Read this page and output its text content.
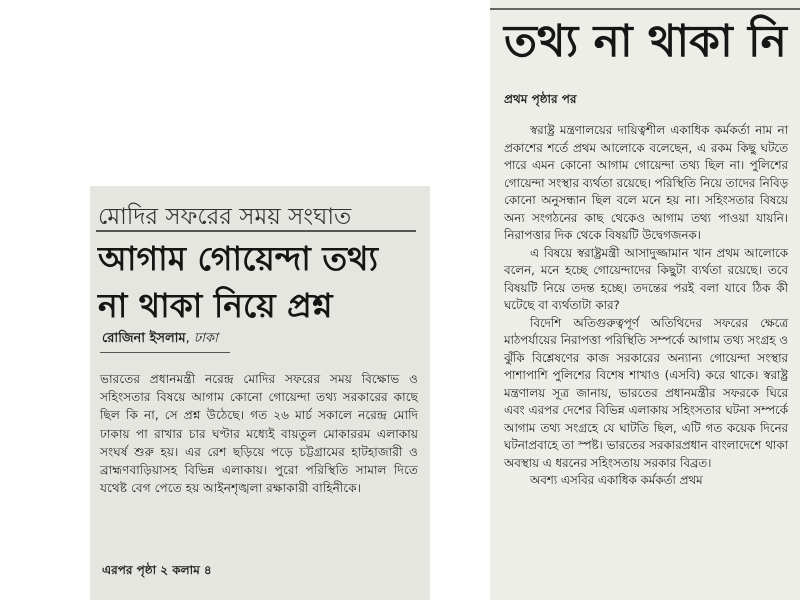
মোদির সফরের সময় সংঘাত
আগাম গোয়েন্দা তথ্য
না থাকা নিয়ে প্রশ্ন
রোজিনা ইসলাম, ঢাকা
ভারতের প্রধানমন্ত্রী নরেন্দ্র মোদির সফরের সময় বিক্ষোভ ও সহিংসতার বিষয়ে আগাম কোনো গোয়েন্দা তথ্য সরকারের কাছে ছিল কি না, সে প্রশ্ন উঠেছে। গত ২৬ মার্চ সকালে নরেন্দ্র মোদি ঢাকায় পা রাখার চার ঘণ্টার মধ্যেই বায়তুল মোকাররম এলাকায় সংঘর্ষ শুরু হয়। এর রেশ ছড়িয়ে পড়ে চট্টগ্রামের হাটহাজারী ও ব্রাহ্মণবাড়িয়াসহ বিভিন্ন এলাকায়। পুরো পরিস্থিতি সামাল দিতে যথেষ্ট বেগ পেতে হয় আইনশৃঙ্খলা রক্ষাকারী বাহিনীকে।
এরপর পৃষ্ঠা ২ কলাম ৪
তথ্য না থাকা নি
প্রথম পৃষ্ঠার পর

স্বরাষ্ট্র মন্ত্রণালয়ের দায়িত্বশীল একাধিক কর্মকর্তা নাম না প্রকাশের শর্তে প্রথম আলোকে বলেছেন, এ রকম কিছু ঘটতে পারে এমন কোনো আগাম গোয়েন্দা তথ্য ছিল না। পুলিশের গোয়েন্দা সংস্থার ব্যর্থতা রয়েছে। পরিস্থিতি নিয়ে তাদের নিবিড় কোনো অনুসন্ধান ছিল বলে মনে হয় না। সহিংসতার বিষয়ে অন্য সংগঠনের কাছ থেকেও আগাম তথ্য পাওয়া যায়নি। নিরাপত্তার দিক থেকে বিষয়টি উদ্বেগজনক।

এ বিষয়ে স্বরাষ্ট্রমন্ত্রী আসাদুজ্জামান খান প্রথম আলোকে বলেন, মনে হচ্ছে গোয়েন্দাদের কিছুটা ব্যর্থতা রয়েছে। তবে বিষয়টি নিয়ে তদন্ত হচ্ছে। তদন্তের পরই বলা যাবে ঠিক কী ঘটেছে বা ব্যর্থতাটা কার?

বিদেশি অতিগুরুত্বপূর্ণ অতিথিদের সফরের ক্ষেত্রে মাঠপর্যায়ের নিরাপত্তা পরিস্থিতি সম্পর্কে আগাম তথ্য সংগ্রহ ও ঝুঁকি বিশ্লেষণের কাজ সরকারের অন্যান্য গোয়েন্দা সংস্থার পাশাপাশি পুলিশের বিশেষ শাখাও (এসবি) করে থাকে। স্বরাষ্ট্র মন্ত্রণালয় সূত্র জানায়, ভারতের প্রধানমন্ত্রীর সফরকে ঘিরে এবং এরপর দেশের বিভিন্ন এলাকায় সহিংসতার ঘটনা সম্পর্কে আগাম তথ্য সংগ্রহে যে ঘাটতি ছিল, এটি গত কয়েক দিনের ঘটনাপ্রবাহে তা স্পষ্ট। ভারতের সরকারপ্রধান বাংলাদেশে থাকা অবস্থায় এ ধরনের সহিংসতায় সরকার বিব্রত।

অবশ্য এসবির একাধিক কর্মকর্তা প্রথম
